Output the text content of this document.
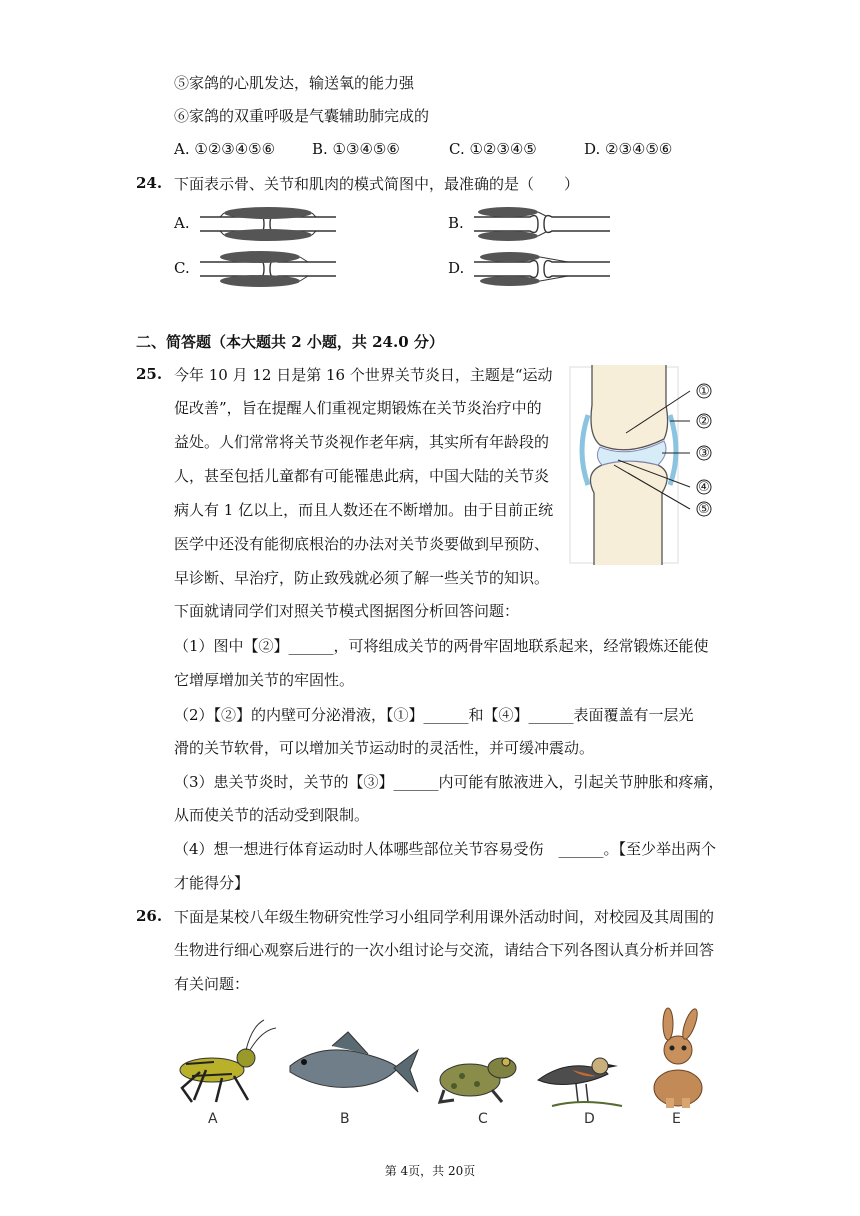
⑤家鸽的心肌发达，输送氧的能力强
⑥家鸽的双重呼吸是气囊辅助肺完成的
A. ①②③④⑤⑥ B. ①③④⑤⑥	C. ①②③④⑤	D. ②③④⑤⑥
24. 下面表示骨、关节和肌肉的模式简图中，最准确的是（　　）
A.	B.
C.	D.
二、简答题（本大题共 2 小题，共 24.0 分）
25. 今年 10 月 12 日是第 16 个世界关节炎日，主题是“运动
促改善”，旨在提醒人们重视定期锻炼在关节炎治疗中的
益处。人们常常将关节炎视作老年病，其实所有年龄段的
人，甚至包括儿童都有可能罹患此病，中国大陆的关节炎
病人有 1 亿以上，而且人数还在不断增加。由于目前正统
医学中还没有能彻底根治的办法对关节炎要做到早预防、
早诊断、早治疗，防止致残就必须了解一些关节的知识。
下面就请同学们对照关节模式图据图分析回答问题：
①
②
③
④
⑤
（1）图中【②】______，可将组成关节的两骨牢固地联系起来，经常锻炼还能使
它增厚增加关节的牢固性。
（2）【②】的内壁可分泌滑液，【①】______和【④】______表面覆盖有一层光
滑的关节软骨，可以增加关节运动时的灵活性，并可缓冲震动。
（3）患关节炎时，关节的【③】______内可能有脓液进入，引起关节肿胀和疼痛，
从而使关节的活动受到限制。
（4）想一想进行体育运动时人体哪些部位关节容易受伤　______。【至少举出两个
才能得分】
26. 下面是某校八年级生物研究性学习小组同学利用课外活动时间，对校园及其周围的
生物进行细心观察后进行的一次小组讨论与交流，请结合下列各图认真分析并回答
有关问题：
A	B	C	D	E
第 4页，共 20页
